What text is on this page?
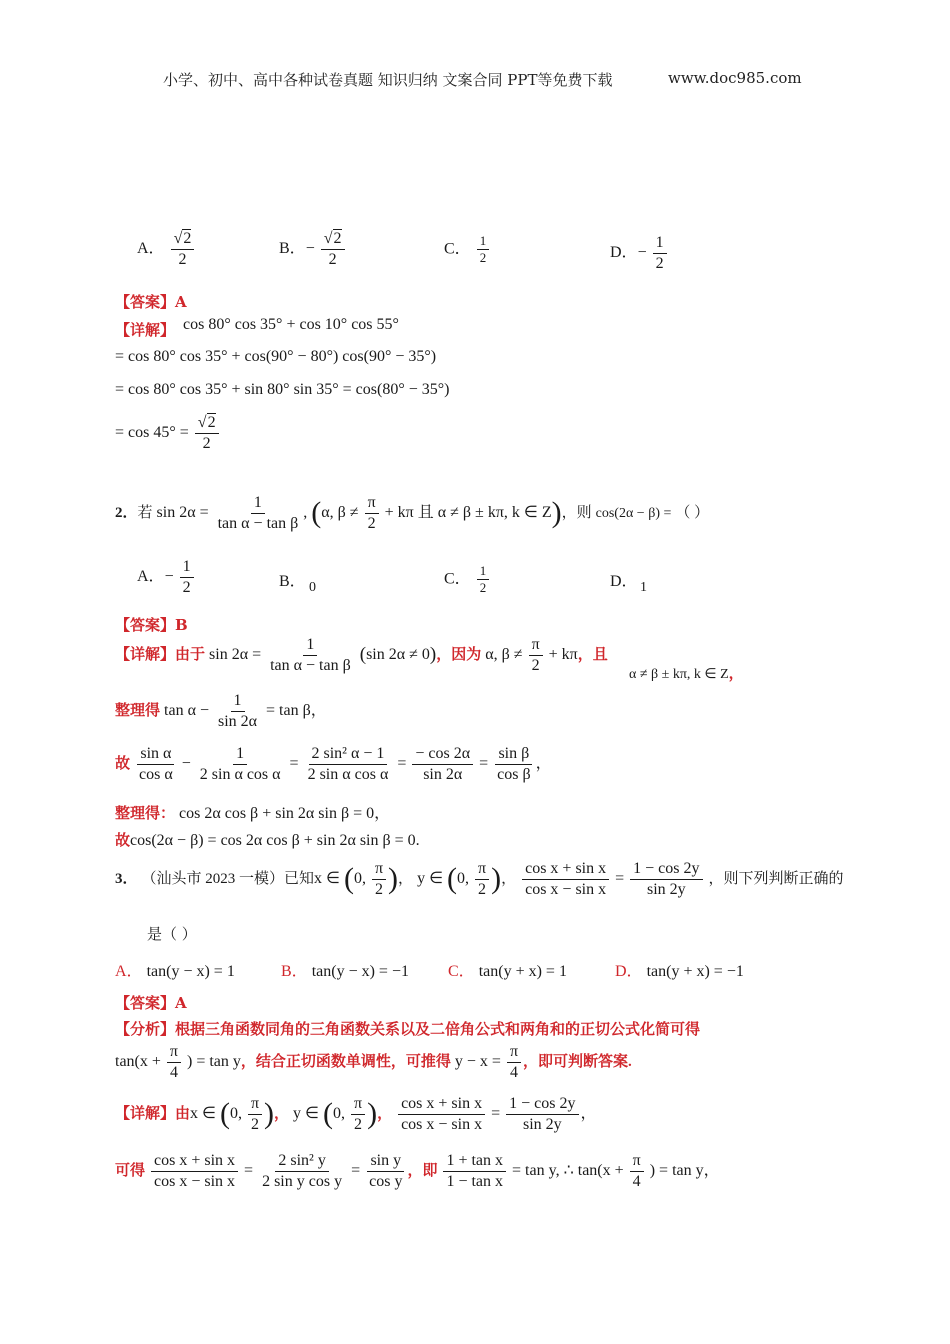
小学、初中、高中各种试卷真题 知识归纳 文案合同 PPT等免费下载	www.doc985.com
A． $\frac{√2}{2}$	B．− $\frac{√2}{2}$	C． $\frac{1}{2}$	D．− $\frac{1}{2}$
【答案】A
【详解】 cos 80° cos 35° + cos 10° cos 55°
= cos 80° cos 35° + cos(90° − 80°) cos(90° − 35°)
= cos 80° cos 35° + sin 80° sin 35° = cos(80° − 35°)
= $\cos 45^\circ = \frac{√2}{2}$
2．若 $\sin 2\alpha = \frac{1}{\text{tan α − tan β}}$ , (α, $\beta \ne \frac{\pi}{2} + k\pi$ 且 α ≠ β ± kπ, k ∈ Z)，则 cos(2α − β) = （ ）
A．− $\frac{1}{2}$	B． 0
C． $\frac{1}{2}$	D． 1
【答案】B
【详解】由于 $\sin 2\alpha = \frac{1}{\text{tan α − tan β}} (\sin$ 2α ≠ 0)，因为 α, $\beta \ne \frac{\pi}{2} + k\pi$，且
α ≠ β ± kπ, k ∈ Z，
整理得 $\tan \alpha - \frac{1}{\sin 2\alpha} = \tan \beta$，
故 $\frac{\text{sin α}}{\text{cos α}} - \frac{1}{\text{2 sin α cos α}} = \frac{\text{2 sin² α − 1}}{\text{2 sin α cos α}} = \frac{- \cos 2\alpha}{\sin 2\alpha} = \frac{\text{sin β}}{\text{cos β}}$ ，
整理得： cos 2α cos β + sin 2α sin β = 0，
故cos(2α − β) = cos 2α cos β + sin 2α sin β = 0.
3． （汕头市 2023 一模）已知x ∈ (0, $\frac{\pi}{2}$ )， y ∈ (0, $\frac{\pi}{2}$ )， $\frac{\text{cos x + sin x}}{\text{cos x − sin x}} = \frac{1 - \cos 2y}{\sin 2y}$ ，则下列判断正确的
是（ ）
A． tan(y − x) = 1	B． tan(y − x) = −1 C． tan(y + x) = 1	D． tan(y + x) = −1
【答案】A
【分析】根据三角函数同角的三角函数关系以及二倍角公式和两角和的正切公式化简可得
$\tan(x + \frac{\pi}{4}$ ) = tan y，结合正切函数单调性，可推得 $y - x = \frac{\pi}{4}$ ，即可判断答案.
【详解】由x ∈ (0, $\frac{\pi}{2}$ )， y ∈ (0, $\frac{\pi}{2}$ )， $\frac{\text{cos x + sin x}}{\text{cos x − sin x}} = \frac{1 - \cos 2y}{\sin 2y}$ ，
可得 $\frac{\text{cos x + sin x}}{\text{cos x − sin x}} = \frac{\text{2 sin² y}}{\text{2 sin y cos y}} = \frac{\text{sin y}}{\text{cos y}}$ ，即 $\frac{\text{1 + tan x}}{\text{1 − tan x}} = \tan y$, ∴ $\tan(x + \frac{\pi}{4}$ ) = tan y，
